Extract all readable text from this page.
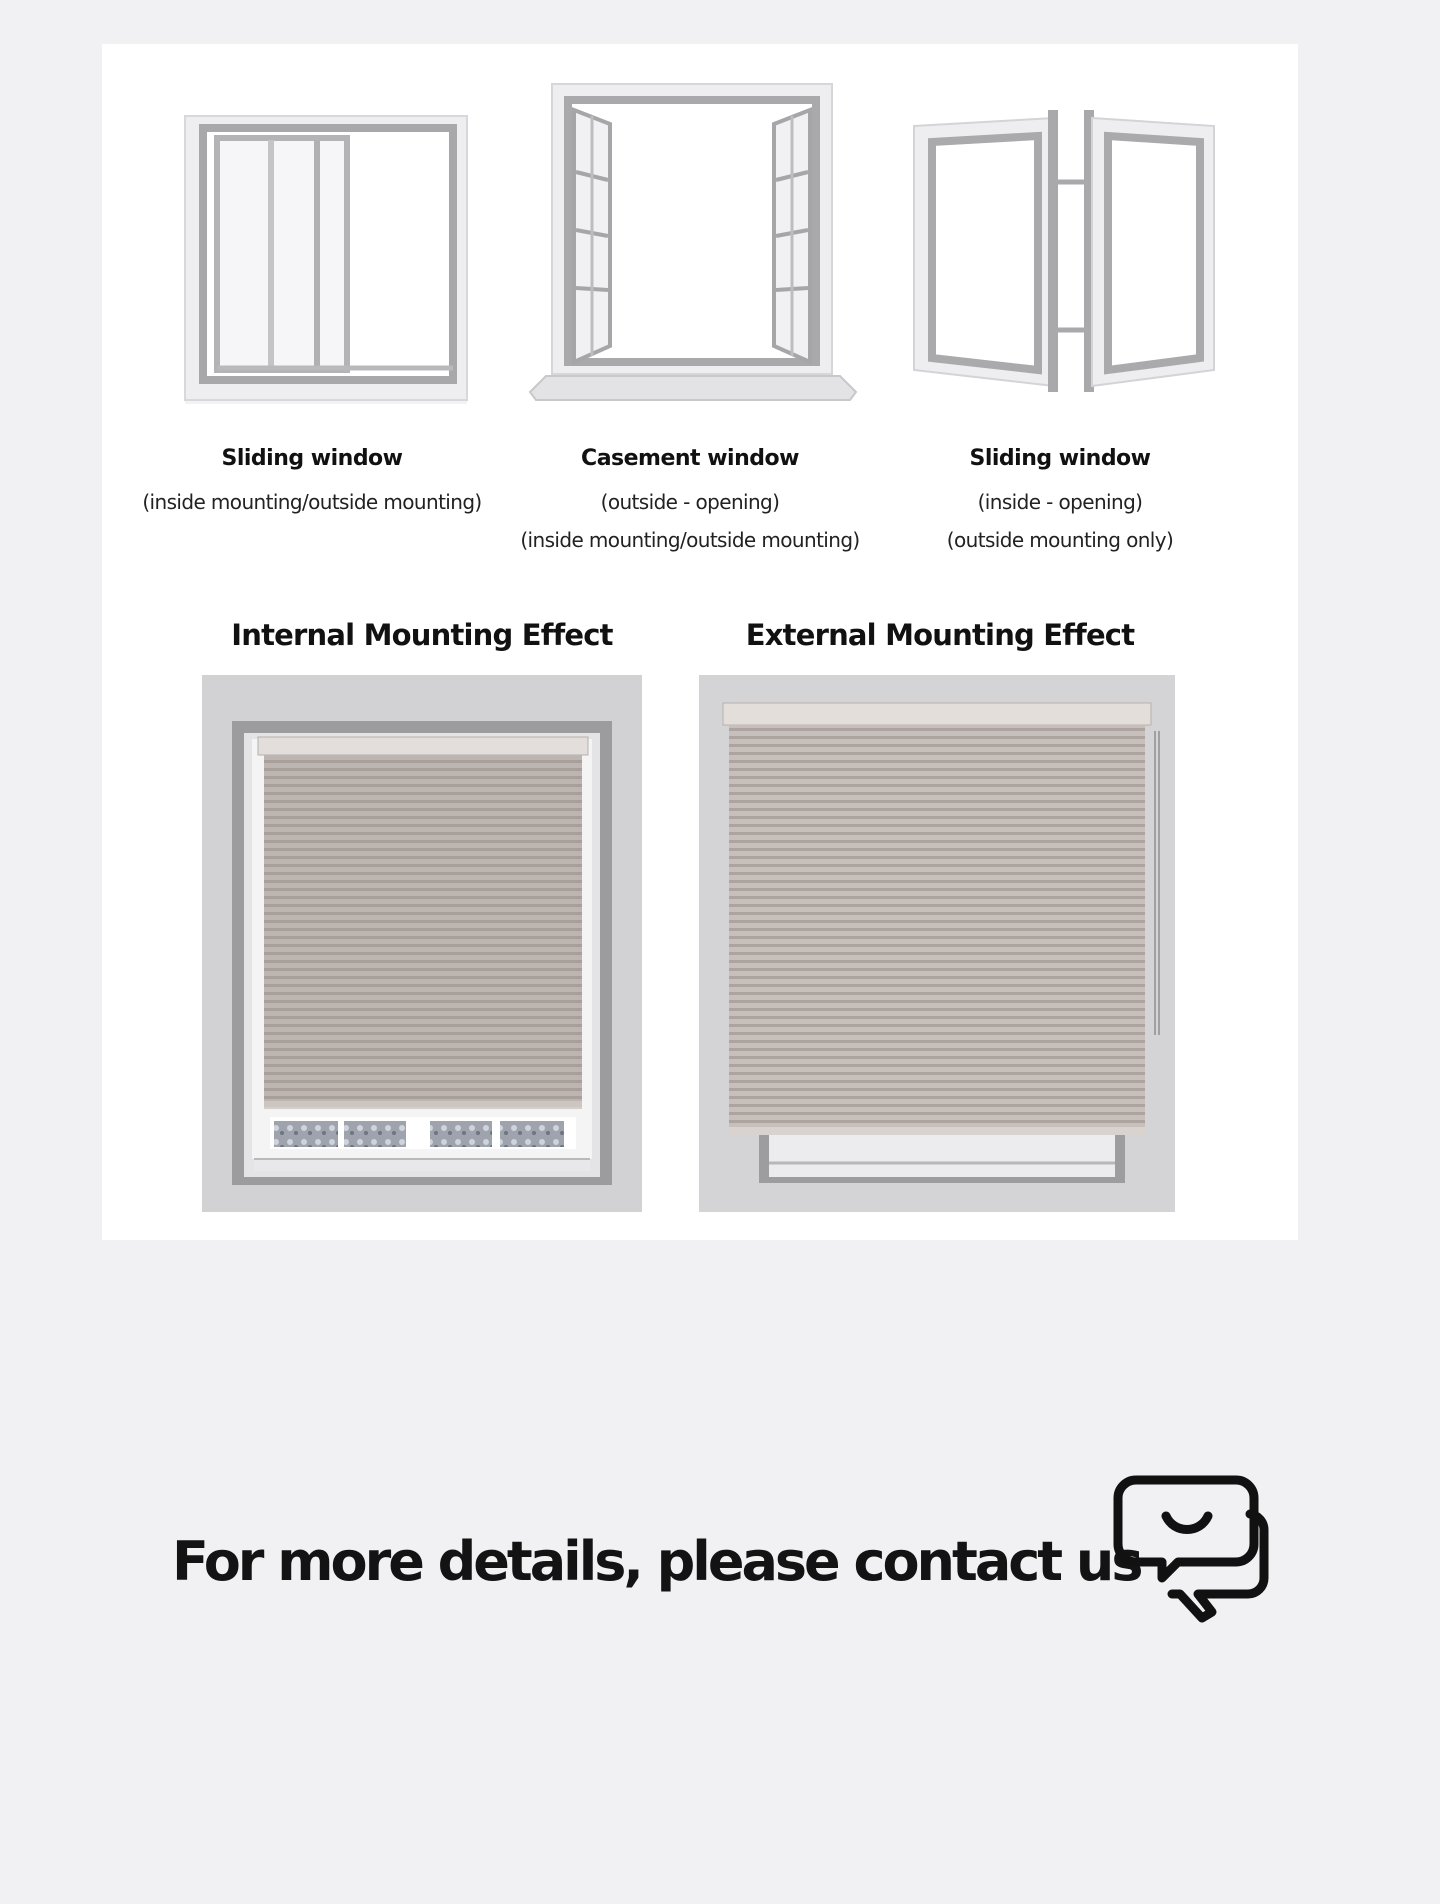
Sliding window
(inside mounting/outside mounting)
Casement window
(outside - opening)
(inside mounting/outside mounting)
Sliding window
(inside - opening)
(outside mounting only)
Internal Mounting Effect	External Mounting Effect
For more details, please contact us
